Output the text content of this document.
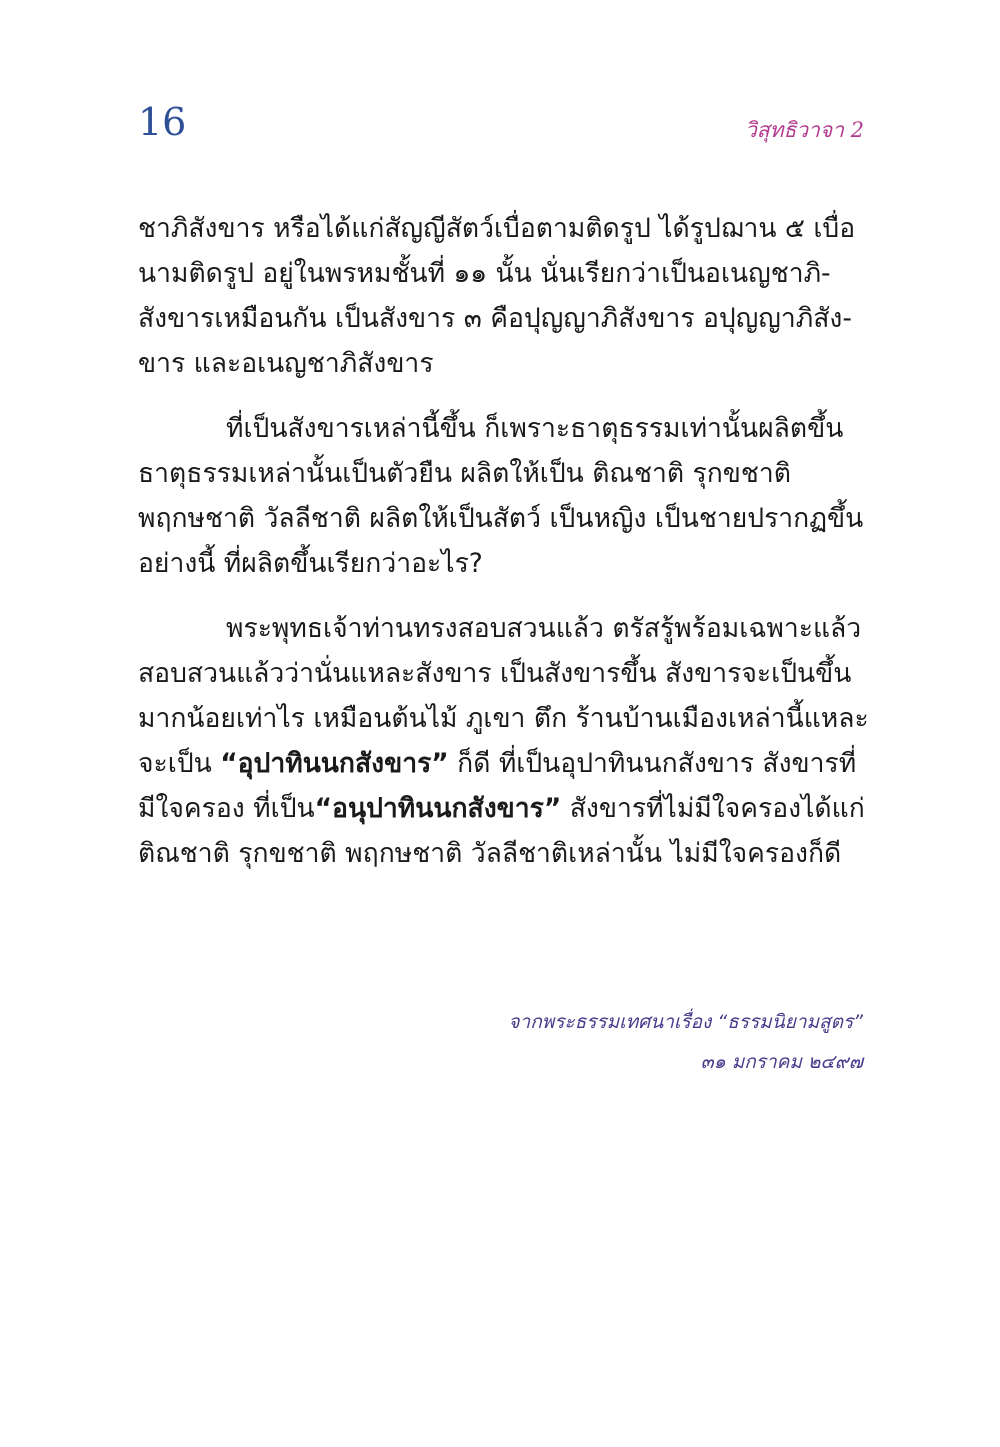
16	วิสุทธิวาจา 2

ชาภิสังขาร หรือได้แก่สัญญีสัตว์เบื่อตามติดรูป ได้รูปฌาน ๕ เบื่อ
นามติดรูป อยู่ในพรหมชั้นที่ ๑๑ นั้น นั่นเรียกว่าเป็นอเนญชาภิ-
สังขารเหมือนกัน เป็นสังขาร ๓ คือปุญญาภิสังขาร อปุญญาภิสัง-
ขาร และอเนญชาภิสังขาร

ที่เป็นสังขารเหล่านี้ขึ้น ก็เพราะธาตุธรรมเท่านั้นผลิตขึ้น
ธาตุธรรมเหล่านั้นเป็นตัวยืน ผลิตให้เป็น ติณชาติ รุกขชาติ
พฤกษชาติ วัลลีชาติ ผลิตให้เป็นสัตว์ เป็นหญิง เป็นชายปรากฏขึ้น
อย่างนี้ ที่ผลิตขึ้นเรียกว่าอะไร?

พระพุทธเจ้าท่านทรงสอบสวนแล้ว ตรัสรู้พร้อมเฉพาะแล้ว
สอบสวนแล้วว่านั่นแหละสังขาร เป็นสังขารขึ้น สังขารจะเป็นขึ้น
มากน้อยเท่าไร เหมือนต้นไม้ ภูเขา ตึก ร้านบ้านเมืองเหล่านี้แหละ
จะเป็น “อุปาทินนกสังขาร” ก็ดี ที่เป็นอุปาทินนกสังขาร สังขารที่
มีใจครอง ที่เป็น“อนุปาทินนกสังขาร” สังขารที่ไม่มีใจครองได้แก่
ติณชาติ รุกขชาติ พฤกษชาติ วัลลีชาติเหล่านั้น ไม่มีใจครองก็ดี

จากพระธรรมเทศนาเรื่อง “ธรรมนิยามสูตร”
๓๑ มกราคม ๒๔๙๗
